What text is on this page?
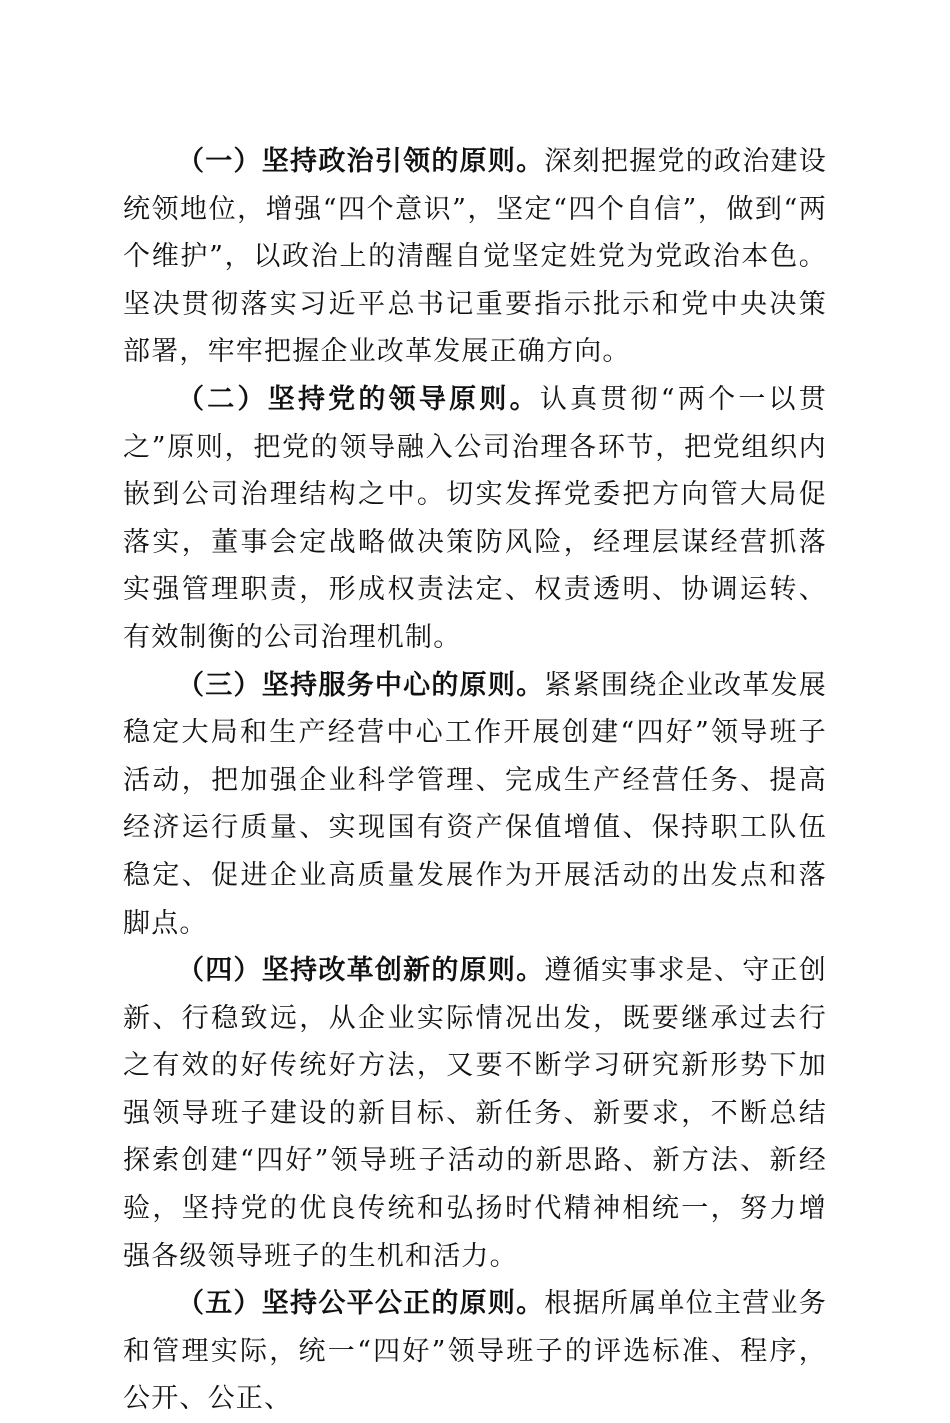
（一）坚持政治引领的原则。深刻把握党的政治建设统领地位，增强“四个意识”，坚定“四个自信”，做到“两个维护”，以政治上的清醒自觉坚定姓党为党政治本色。坚决贯彻落实习近平总书记重要指示批示和党中央决策部署，牢牢把握企业改革发展正确方向。

（二）坚持党的领导原则。认真贯彻“两个一以贯之”原则，把党的领导融入公司治理各环节，把党组织内嵌到公司治理结构之中。切实发挥党委把方向管大局促落实，董事会定战略做决策防风险，经理层谋经营抓落实强管理职责，形成权责法定、权责透明、协调运转、有效制衡的公司治理机制。

（三）坚持服务中心的原则。紧紧围绕企业改革发展稳定大局和生产经营中心工作开展创建“四好”领导班子活动，把加强企业科学管理、完成生产经营任务、提高经济运行质量、实现国有资产保值增值、保持职工队伍稳定、促进企业高质量发展作为开展活动的出发点和落脚点。

（四）坚持改革创新的原则。遵循实事求是、守正创新、行稳致远，从企业实际情况出发，既要继承过去行之有效的好传统好方法，又要不断学习研究新形势下加强领导班子建设的新目标、新任务、新要求，不断总结探索创建“四好”领导班子活动的新思路、新方法、新经验，坚持党的优良传统和弘扬时代精神相统一，努力增强各级领导班子的生机和活力。

（五）坚持公平公正的原则。根据所属单位主营业务和管理实际，统一“四好”领导班子的评选标准、程序，公开、公正、
